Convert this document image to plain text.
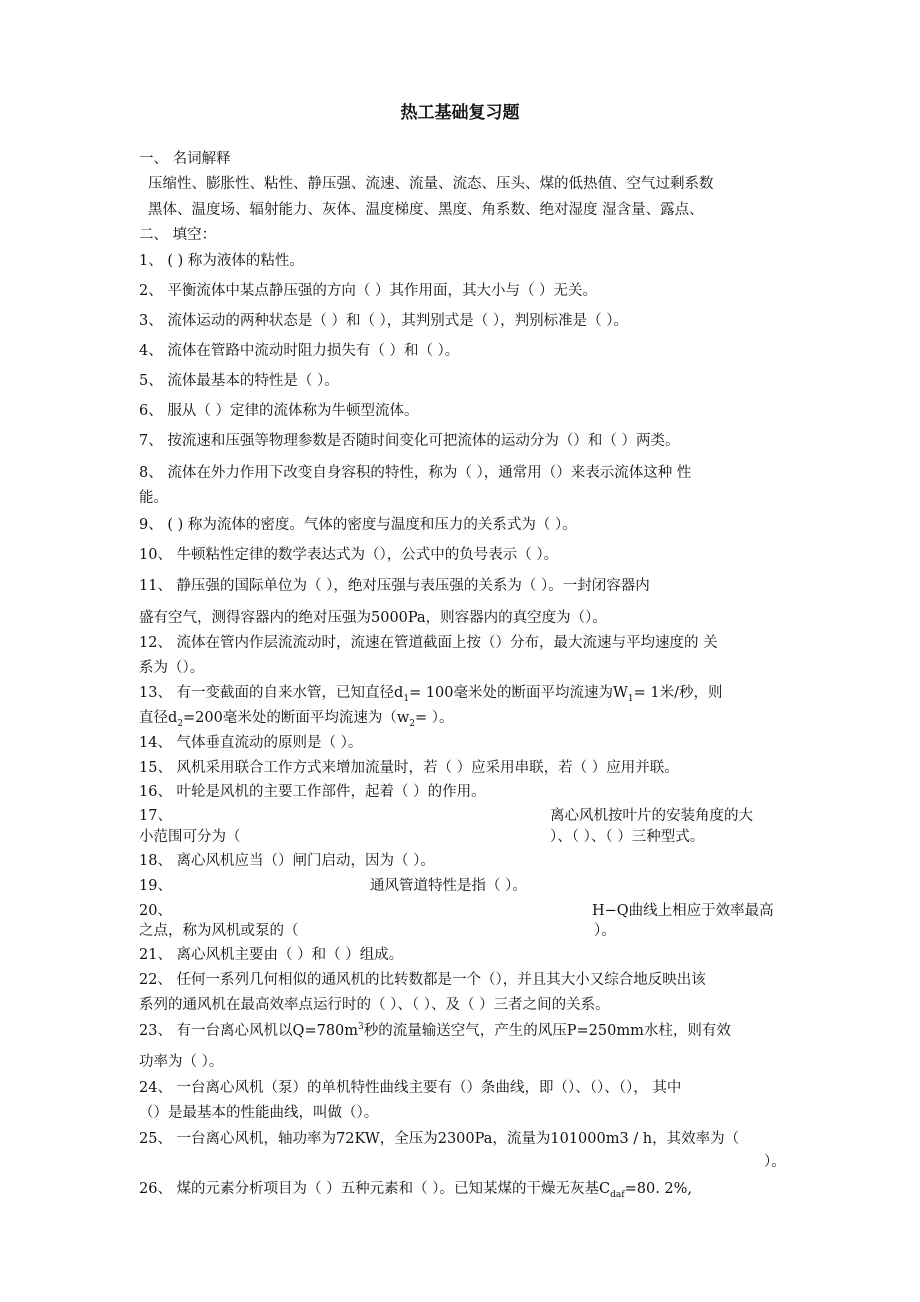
热工基础复习题
一、 名词解释
压缩性、膨胀性、粘性、静压强、流速、流量、流态、压头、煤的低热值、空气过剩系数
黑体、温度场、辐射能力、灰体、温度梯度、黑度、角系数、绝对湿度 湿含量、露点、
二、 填空：
1、 ( ) 称为液体的粘性。
2、 平衡流体中某点静压强的方向（ ）其作用面，其大小与（ ）无关。
3、 流体运动的两种状态是（ ）和（ ），其判别式是（ ），判别标准是（ ）。
4、 流体在管路中流动时阻力损失有（ ）和（ ）。
5、 流体最基本的特性是（ ）。
6、 服从（ ）定律的流体称为牛顿型流体。
7、 按流速和压强等物理参数是否随时间变化可把流体的运动分为（）和（ ）两类。
8、 流体在外力作用下改变自身容积的特性，称为（ ），通常用（）来表示流体这种 性
能。
9、 ( ) 称为流体的密度。气体的密度与温度和压力的关系式为（ ）。
10、 牛顿粘性定律的数学表达式为（），公式中的负号表示（ ）。
11、 静压强的国际单位为（ ），绝对压强与表压强的关系为（ ）。一封闭容器内
盛有空气，测得容器内的绝对压强为5000Pa，则容器内的真空度为（）。
12、 流体在管内作层流流动时，流速在管道截面上按（）分布，最大流速与平均速度的 关
系为（）。
13、 有一变截面的自来水管，已知直径$d_1= 100$毫米处的断面平均流速为$W_1= 1$米/秒，则
直径$d_2=200$毫米处的断面平均流速为（$w_2=$ ）。
14、 气体垂直流动的原则是（ ）。
15、 风机采用联合工作方式来增加流量时，若（ ）应采用串联，若（ ）应用并联。
16、 叶轮是风机的主要工作部件，起着（ ）的作用。
17、	离心风机按叶片的安装角度的大
小范围可分为（	）、（ ）、（ ）三种型式。
18、 离心风机应当（）闸门启动，因为（ ）。
19、	通风管道特性是指（ ）。
20、	H−Q曲线上相应于效率最高
之点，称为风机或泵的（	）。
21、 离心风机主要由（ ）和（ ）组成。
22、 任何一系列几何相似的通风机的比转数都是一个（），并且其大小又综合地反映出该
系列的通风机在最高效率点运行时的（ ）、（ ）、及（ ）三者之间的关系。
23、 有一台离心风机以$Q=780m^3$秒的流量输送空气，产生的风压P=250mm水柱，则有效
功率为（ ）。
24、 一台离心风机（泵）的单机特性曲线主要有（）条曲线，即（）、（）、（）， 其中
（）是最基本的性能曲线，叫做（）。
25、 一台离心风机，轴功率为72KW，全压为2300Pa，流量为101000m3 / h，其效率为（
）。
26、 煤的元素分析项目为（ ）五种元素和（ ）。已知某煤的干燥无灰基$C_{daf}=80$. 2%,
